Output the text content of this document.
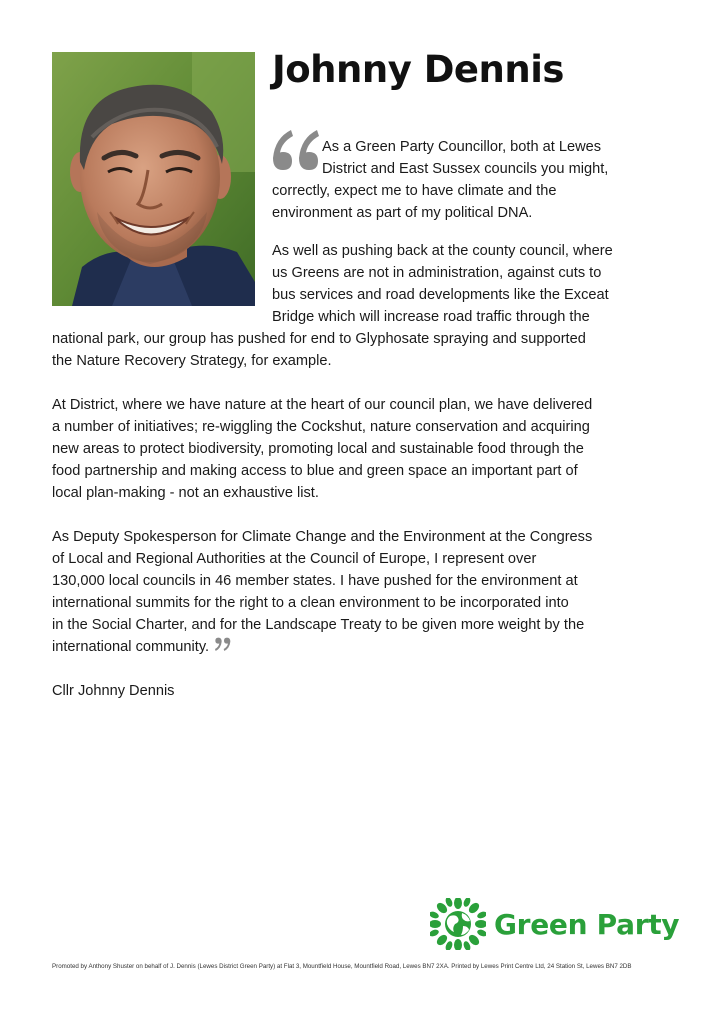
Johnny Dennis

As a Green Party Councillor, both at Lewes
District and East Sussex councils you might,

correctly, expect me to have climate and the
environment as part of my political DNA.

As well as pushing back at the county council, where
us Greens are not in administration, against cuts to
bus services and road developments like the Exceat
Bridge which will increase road traffic through the

national park, our group has pushed for end to Glyphosate spraying and supported
the Nature Recovery Strategy, for example.

At District, where we have nature at the heart of our council plan, we have delivered
a number of initiatives; re-wiggling the Cockshut, nature conservation and acquiring
new areas to protect biodiversity, promoting local and sustainable food through the
food partnership and making access to blue and green space an important part of
local plan-making - not an exhaustive list.

As Deputy Spokesperson for Climate Change and the Environment at the Congress
of Local and Regional Authorities at the Council of Europe, I represent over
130,000 local councils in 46 member states. I have pushed for the environment at
international summits for the right to a clean environment to be incorporated into
in the Social Charter, and for the Landscape Treaty to be given more weight by the
international community.

Cllr Johnny Dennis

Green Party

Promoted by Anthony Shuster on behalf of J. Dennis (Lewes District Green Party) at Flat 3, Mountfield House, Mountfield Road, Lewes BN7 2XA. Printed by Lewes Print Centre Ltd, 24 Station St, Lewes BN7 2DB
